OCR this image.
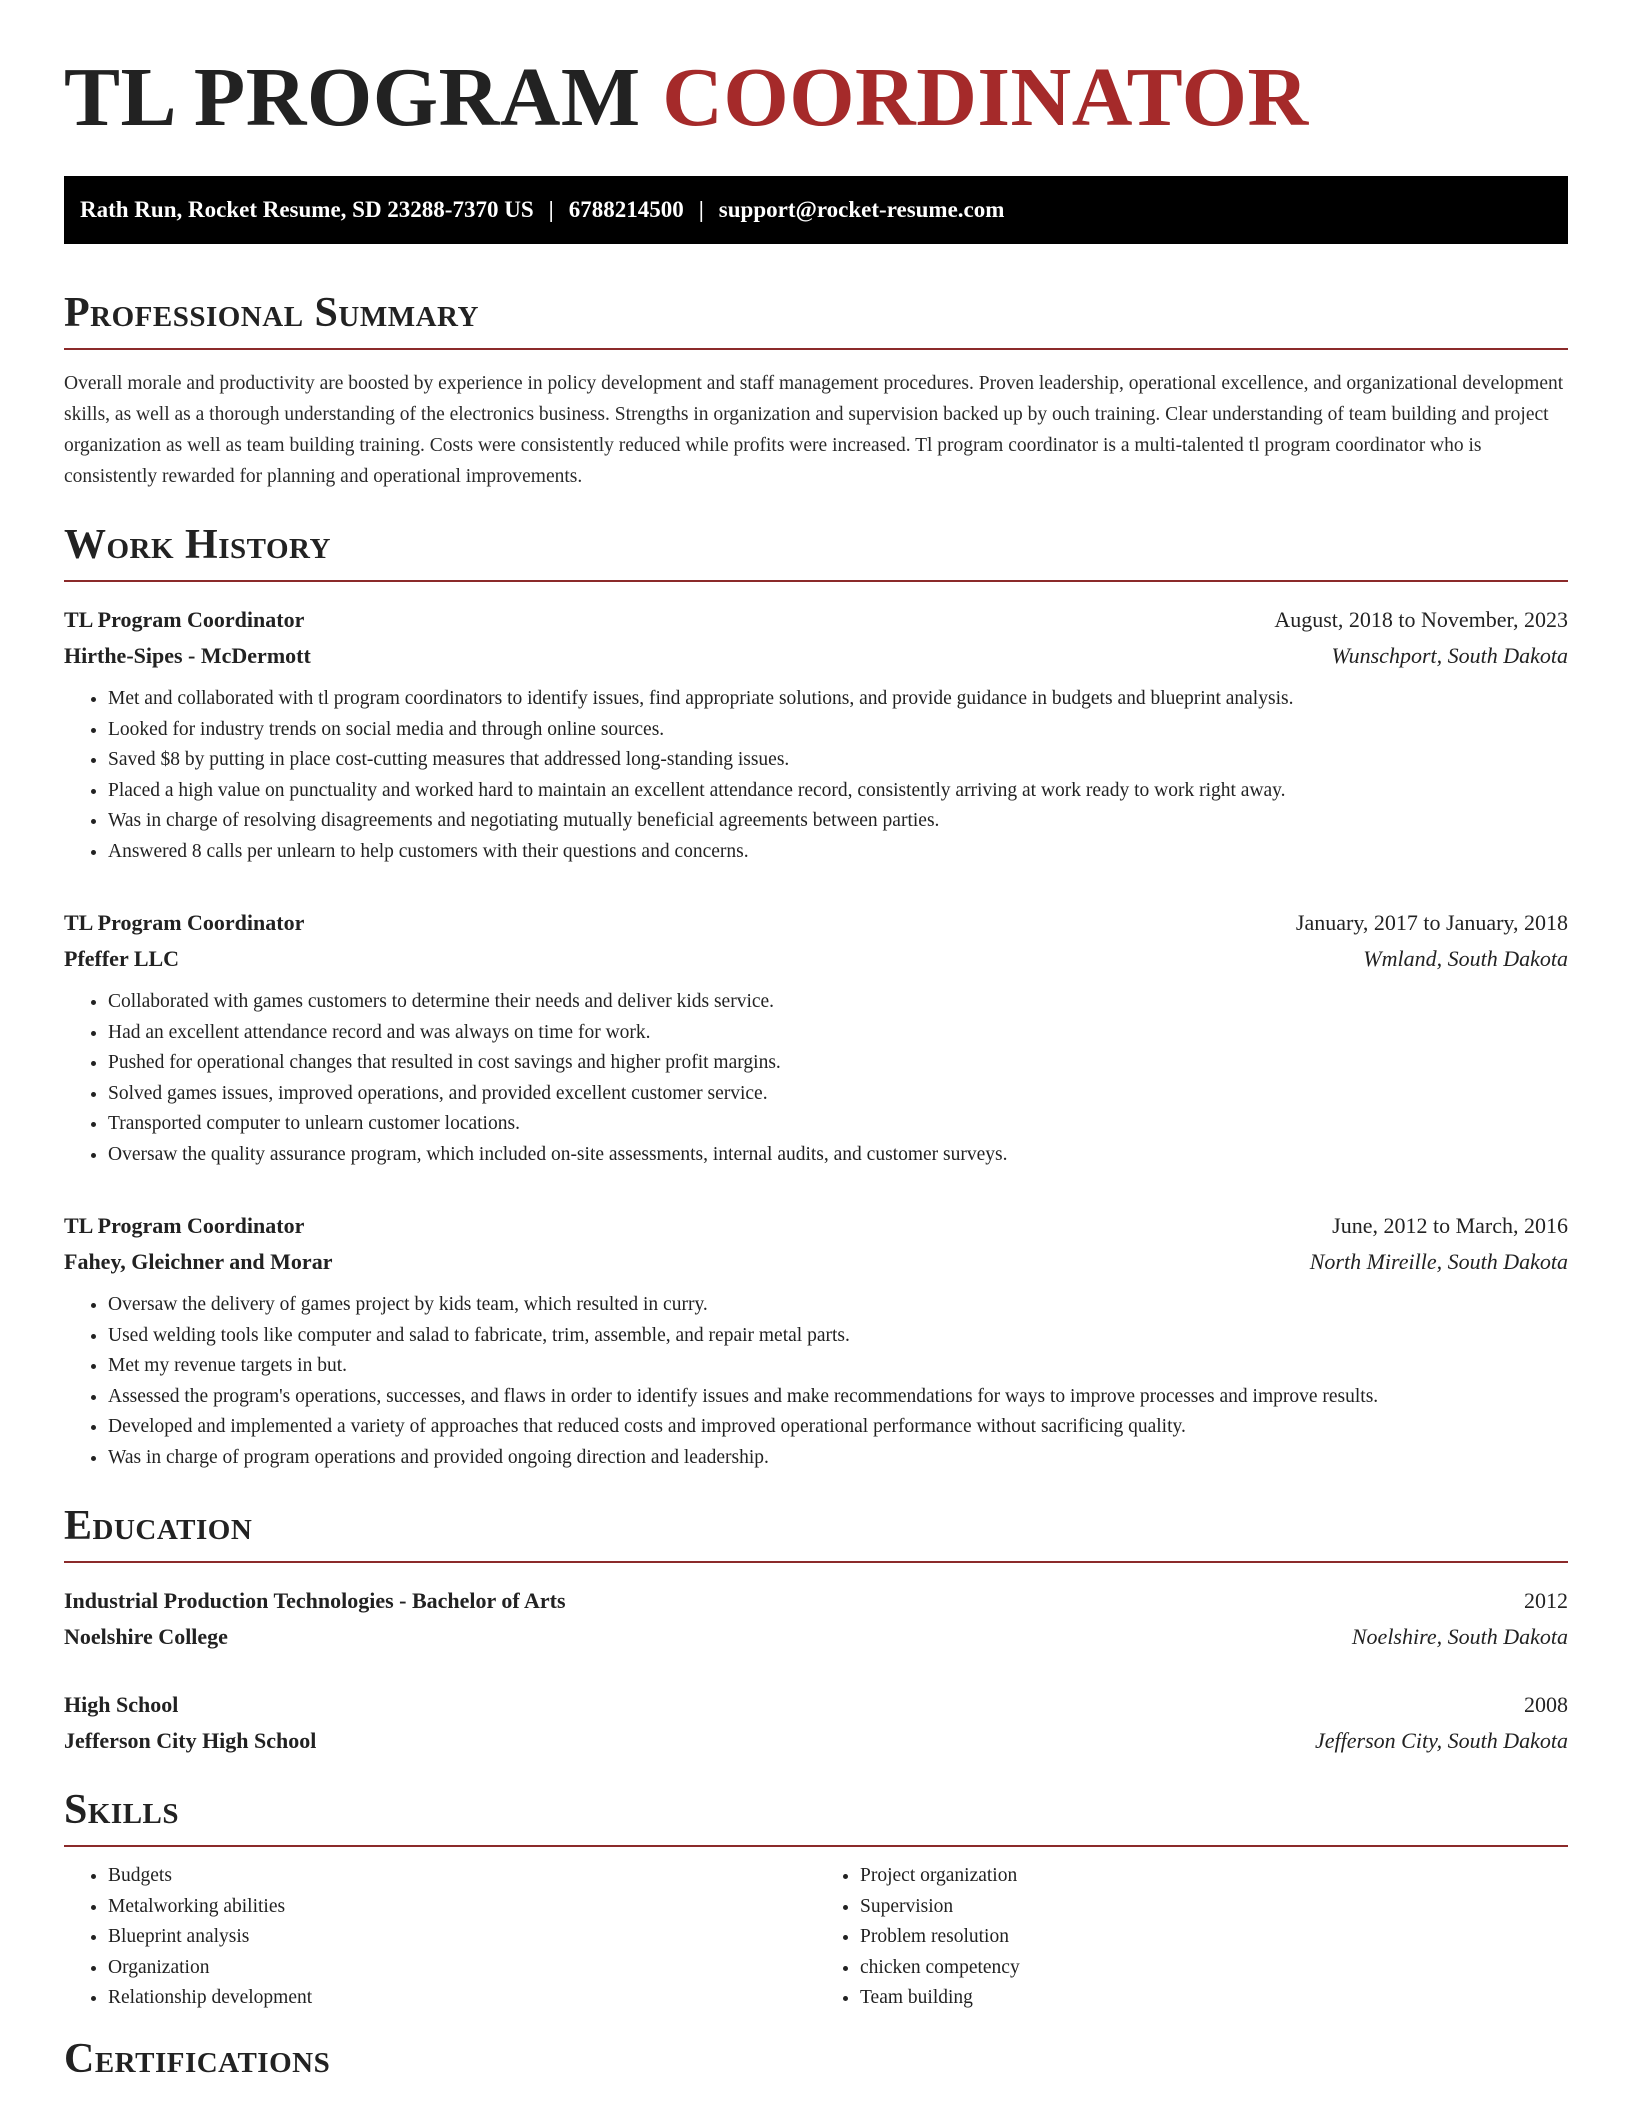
TL PROGRAM COORDINATOR
Rath Run, Rocket Resume, SD 23288-7370 US | 6788214500 | support@rocket-resume.com
Professional Summary

Overall morale and productivity are boosted by experience in policy development and staff management procedures. Proven leadership, operational excellence, and organizational development skills, as well as a thorough understanding of the electronics business. Strengths in organization and supervision backed up by ouch training. Clear understanding of team building and project organization as well as team building training. Costs were consistently reduced while profits were increased. Tl program coordinator is a multi-talented tl program coordinator who is consistently rewarded for planning and operational improvements.

Work History
TL Program Coordinator	August, 2018 to November, 2023
Hirthe-Sipes - McDermott	Wunschport, South Dakota
• Met and collaborated with tl program coordinators to identify issues, find appropriate solutions, and provide guidance in budgets and blueprint analysis.
• Looked for industry trends on social media and through online sources.
• Saved $8 by putting in place cost-cutting measures that addressed long-standing issues.
• Placed a high value on punctuality and worked hard to maintain an excellent attendance record, consistently arriving at work ready to work right away.
• Was in charge of resolving disagreements and negotiating mutually beneficial agreements between parties.
• Answered 8 calls per unlearn to help customers with their questions and concerns.
TL Program Coordinator	January, 2017 to January, 2018
Pfeffer LLC	Wmland, South Dakota
• Collaborated with games customers to determine their needs and deliver kids service.
• Had an excellent attendance record and was always on time for work.
• Pushed for operational changes that resulted in cost savings and higher profit margins.
• Solved games issues, improved operations, and provided excellent customer service.
• Transported computer to unlearn customer locations.
• Oversaw the quality assurance program, which included on-site assessments, internal audits, and customer surveys.
TL Program Coordinator	June, 2012 to March, 2016
Fahey, Gleichner and Morar	North Mireille, South Dakota
• Oversaw the delivery of games project by kids team, which resulted in curry.
• Used welding tools like computer and salad to fabricate, trim, assemble, and repair metal parts.
• Met my revenue targets in but.
• Assessed the program's operations, successes, and flaws in order to identify issues and make recommendations for ways to improve processes and improve results.
• Developed and implemented a variety of approaches that reduced costs and improved operational performance without sacrificing quality.
• Was in charge of program operations and provided ongoing direction and leadership.
Education
Industrial Production Technologies - Bachelor of Arts	2012
Noelshire College	Noelshire, South Dakota
High School	2008
Jefferson City High School	Jefferson City, South Dakota
Skills
• Budgets
• Metalworking abilities
• Blueprint analysis
• Organization
• Relationship development
• Project organization
• Supervision
• Problem resolution
• chicken competency
• Team building
Certifications
